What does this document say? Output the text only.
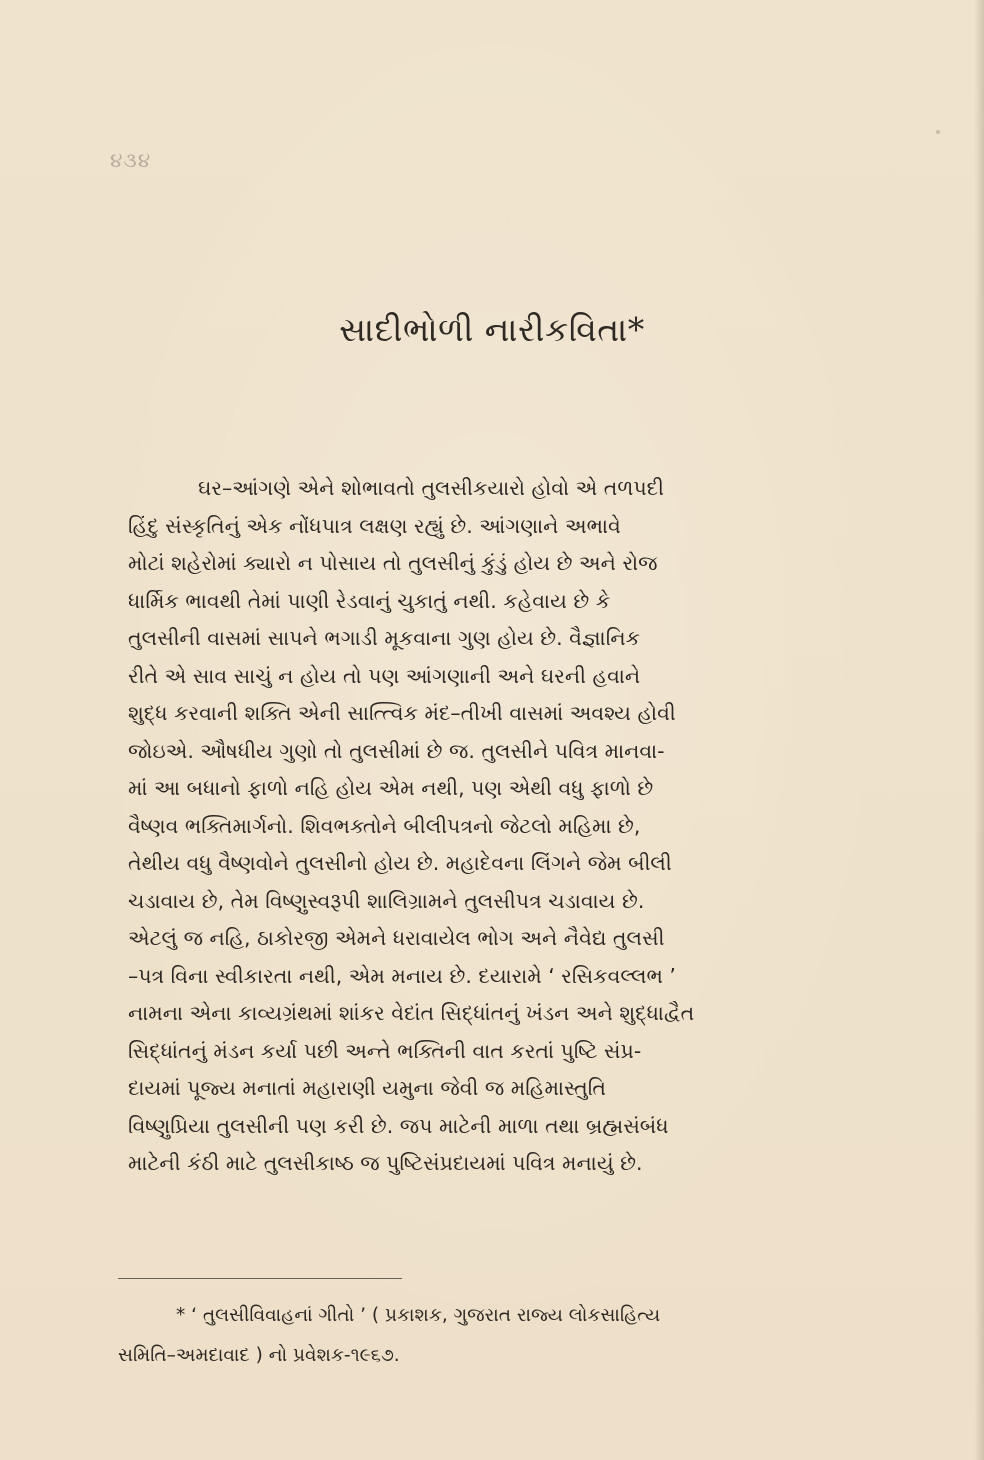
૪૩૪
સાદીભોળી નારીકવિતા*
ઘર–આંગણે એને શોભાવતો તુલસીકયારો હોવો એ તળપદી
હિંદુ સંસ્કૃતિનું એક નોંધપાત્ર લક્ષણ રહ્યું છે. આંગણાને અભાવે
મોટાં શહેરોમાં ક્યારો ન પોસાય તો તુલસીનું કુંડું હોય છે અને રોજ
ધાર્મિક ભાવથી તેમાં પાણી રેડવાનું ચુકાતું નથી. કહેવાય છે કે
તુલસીની વાસમાં સાપને ભગાડી મૂકવાના ગુણ હોય છે. વૈજ્ઞાનિક
રીતે એ સાવ સાચું ન હોય તો પણ આંગણાની અને ઘરની હવાને
શુદ્ધ કરવાની શક્તિ એની સાત્ત્વિક મંદ–તીખી વાસમાં અવશ્ય હોવી
જોઇએ. ઔષધીય ગુણો તો તુલસીમાં છે જ. તુલસીને પવિત્ર માનવા-
માં આ બધાનો ફાળો નહિ હોય એમ નથી, પણ એથી વધુ ફાળો છે
વૈષ્ણવ ભક્તિમાર્ગનો. શિવભક્તોને બીલીપત્રનો જેટલો મહિમા છે,
તેથીય વધુ વૈષ્ણવોને તુલસીનો હોય છે. મહાદેવના લિંગને જેમ બીલી
ચડાવાય છે, તેમ વિષ્ણુસ્વરૂપી શાલિગ્રામને તુલસીપત્ર ચડાવાય છે.
એટલું જ નહિ, ઠાકોરજી એમને ધરાવાયેલ ભોગ અને નૈવેદ્ય તુલસી
–પત્ર વિના સ્વીકારતા નથી, એમ મનાય છે. દયારામે ‘ રસિકવલ્લભ ’
નામના એના કાવ્યગ્રંથમાં શાંકર વેદાંત સિદ્ધાંતનું ખંડન અને શુદ્ધાદ્વૈત
સિદ્ધાંતનું મંડન કર્યા પછી અન્તે ભક્તિની વાત કરતાં પુષ્ટિ સંપ્ર-
દાયમાં પૂજ્ય મનાતાં મહારાણી યમુના જેવી જ મહિમાસ્તુતિ
વિષ્ણુપ્રિયા તુલસીની પણ કરી છે. જપ માટેની માળા તથા બ્રહ્મસંબંધ
માટેની કંઠી માટે તુલસીકાષ્ઠ જ પુષ્ટિસંપ્રદાયમાં પવિત્ર મનાયું છે.
* ‘ તુલસીવિવાહનાં ગીતો ’ ( પ્રકાશક, ગુજરાત રાજ્ય લોકસાહિત્ય
સમિતિ–અમદાવાદ ) નો પ્રવેશક-૧૯૬૭.
